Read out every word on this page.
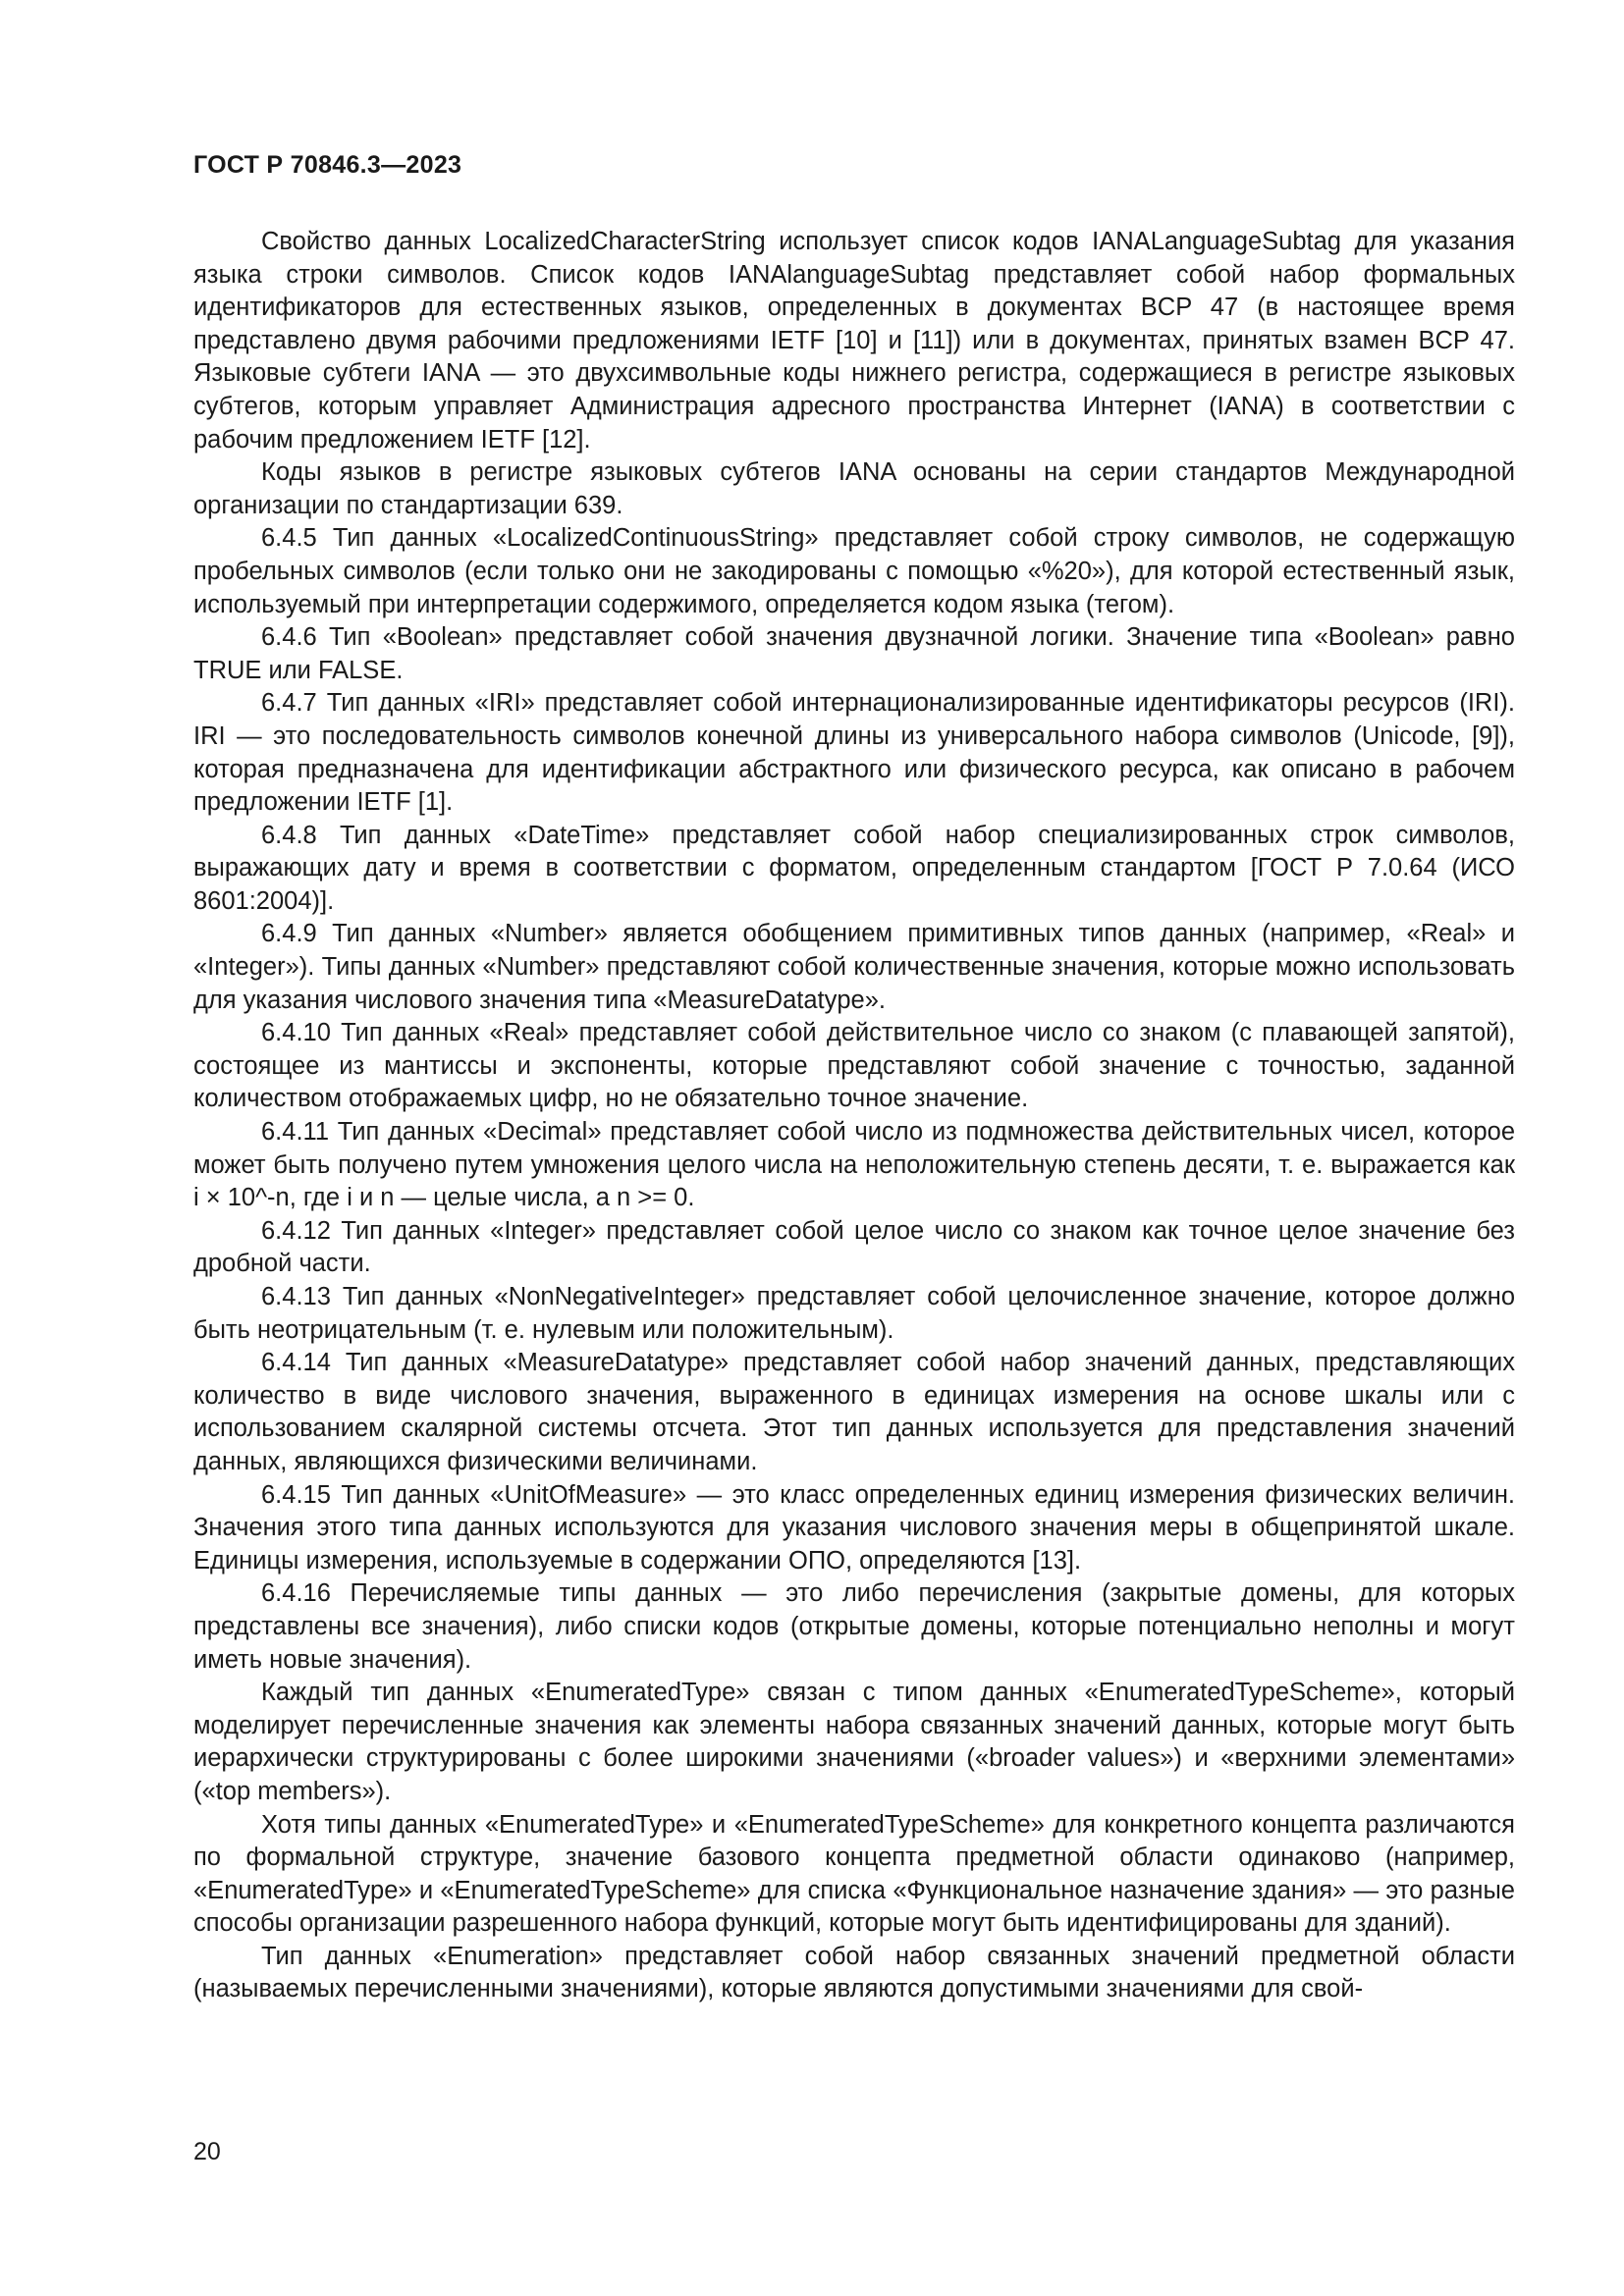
ГОСТ Р 70846.3—2023

Свойство данных LocalizedCharacterString использует список кодов IANALanguageSubtag для указания языка строки символов. Список кодов IANAlanguageSubtag представляет собой набор формальных идентификаторов для естественных языков, определенных в документах BCP 47 (в настоящее время представлено двумя рабочими предложениями IETF [10] и [11]) или в документах, принятых взамен BCP 47. Языковые субтеги IANA — это двухсимвольные коды нижнего регистра, содержащиеся в регистре языковых субтегов, которым управляет Администрация адресного пространства Интернет (IANA) в соответствии с рабочим предложением IETF [12].

Коды языков в регистре языковых субтегов IANA основаны на серии стандартов Международной организации по стандартизации 639.

6.4.5 Тип данных «LocalizedContinuousString» представляет собой строку символов, не содержащую пробельных символов (если только они не закодированы с помощью «%20»), для которой естественный язык, используемый при интерпретации содержимого, определяется кодом языка (тегом).

6.4.6 Тип «Boolean» представляет собой значения двузначной логики. Значение типа «Boolean» равно TRUE или FALSE.

6.4.7 Тип данных «IRI» представляет собой интернационализированные идентификаторы ресурсов (IRI). IRI — это последовательность символов конечной длины из универсального набора символов (Unicode, [9]), которая предназначена для идентификации абстрактного или физического ресурса, как описано в рабочем предложении IETF [1].

6.4.8 Тип данных «DateTime» представляет собой набор специализированных строк символов, выражающих дату и время в соответствии с форматом, определенным стандартом [ГОСТ Р 7.0.64 (ИСО 8601:2004)].

6.4.9 Тип данных «Number» является обобщением примитивных типов данных (например, «Real» и «Integer»). Типы данных «Number» представляют собой количественные значения, которые можно использовать для указания числового значения типа «MeasureDatatype».

6.4.10 Тип данных «Real» представляет собой действительное число со знаком (с плавающей запятой), состоящее из мантиссы и экспоненты, которые представляют собой значение с точностью, заданной количеством отображаемых цифр, но не обязательно точное значение.

6.4.11 Тип данных «Decimal» представляет собой число из подмножества действительных чисел, которое может быть получено путем умножения целого числа на неположительную степень десяти, т. е. выражается как i × 10^-n, где i и n — целые числа, а n >= 0.

6.4.12 Тип данных «Integer» представляет собой целое число со знаком как точное целое значение без дробной части.

6.4.13 Тип данных «NonNegativeInteger» представляет собой целочисленное значение, которое должно быть неотрицательным (т. е. нулевым или положительным).

6.4.14 Тип данных «MeasureDatatype» представляет собой набор значений данных, представляющих количество в виде числового значения, выраженного в единицах измерения на основе шкалы или с использованием скалярной системы отсчета. Этот тип данных используется для представления значений данных, являющихся физическими величинами.

6.4.15 Тип данных «UnitOfMeasure» — это класс определенных единиц измерения физических величин. Значения этого типа данных используются для указания числового значения меры в общепринятой шкале. Единицы измерения, используемые в содержании ОПО, определяются [13].

6.4.16 Перечисляемые типы данных — это либо перечисления (закрытые домены, для которых представлены все значения), либо списки кодов (открытые домены, которые потенциально неполны и могут иметь новые значения).

Каждый тип данных «EnumeratedType» связан с типом данных «EnumeratedTypeScheme», который моделирует перечисленные значения как элементы набора связанных значений данных, которые могут быть иерархически структурированы с более широкими значениями («broader values») и «верхними элементами» («top members»).

Хотя типы данных «EnumeratedType» и «EnumeratedTypeScheme» для конкретного концепта различаются по формальной структуре, значение базового концепта предметной области одинаково (например, «EnumeratedType» и «EnumeratedTypeScheme» для списка «Функциональное назначение здания» — это разные способы организации разрешенного набора функций, которые могут быть идентифицированы для зданий).

Тип данных «Enumeration» представляет собой набор связанных значений предметной области (называемых перечисленными значениями), которые являются допустимыми значениями для свой-

20
